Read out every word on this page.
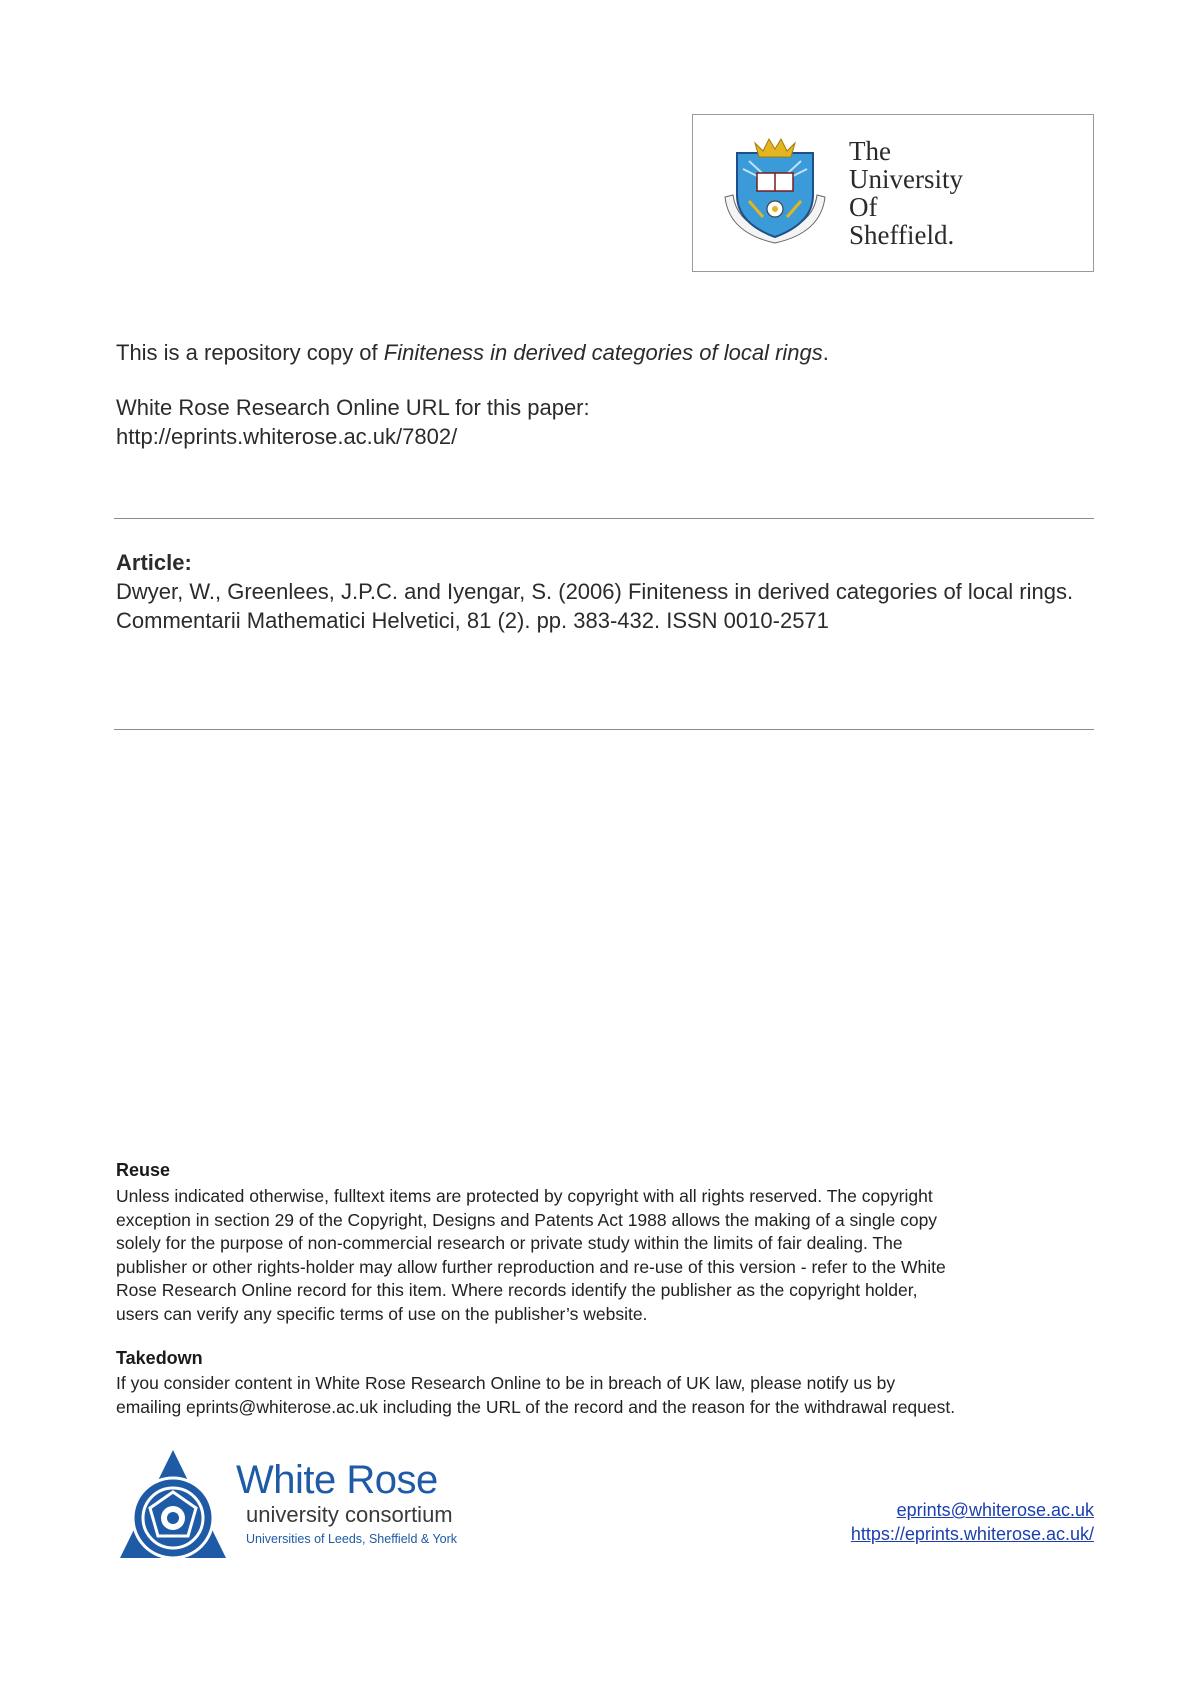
The
University
Of
Sheffield.
This is a repository copy of Finiteness in derived categories of local rings.
White Rose Research Online URL for this paper:
http://eprints.whiterose.ac.uk/7802/
Article:
Dwyer, W., Greenlees, J.P.C. and Iyengar, S. (2006) Finiteness in derived categories of local rings. Commentarii Mathematici Helvetici, 81 (2). pp. 383-432. ISSN 0010-2571
Reuse
Unless indicated otherwise, fulltext items are protected by copyright with all rights reserved. The copyright
exception in section 29 of the Copyright, Designs and Patents Act 1988 allows the making of a single copy
solely for the purpose of non-commercial research or private study within the limits of fair dealing. The
publisher or other rights-holder may allow further reproduction and re-use of this version - refer to the White
Rose Research Online record for this item. Where records identify the publisher as the copyright holder,
users can verify any specific terms of use on the publisher’s website.
Takedown
If you consider content in White Rose Research Online to be in breach of UK law, please notify us by
emailing eprints@whiterose.ac.uk including the URL of the record and the reason for the withdrawal request.
White Rose
university consortium
Universities of Leeds, Sheffield & York
eprints@whiterose.ac.uk
https://eprints.whiterose.ac.uk/
